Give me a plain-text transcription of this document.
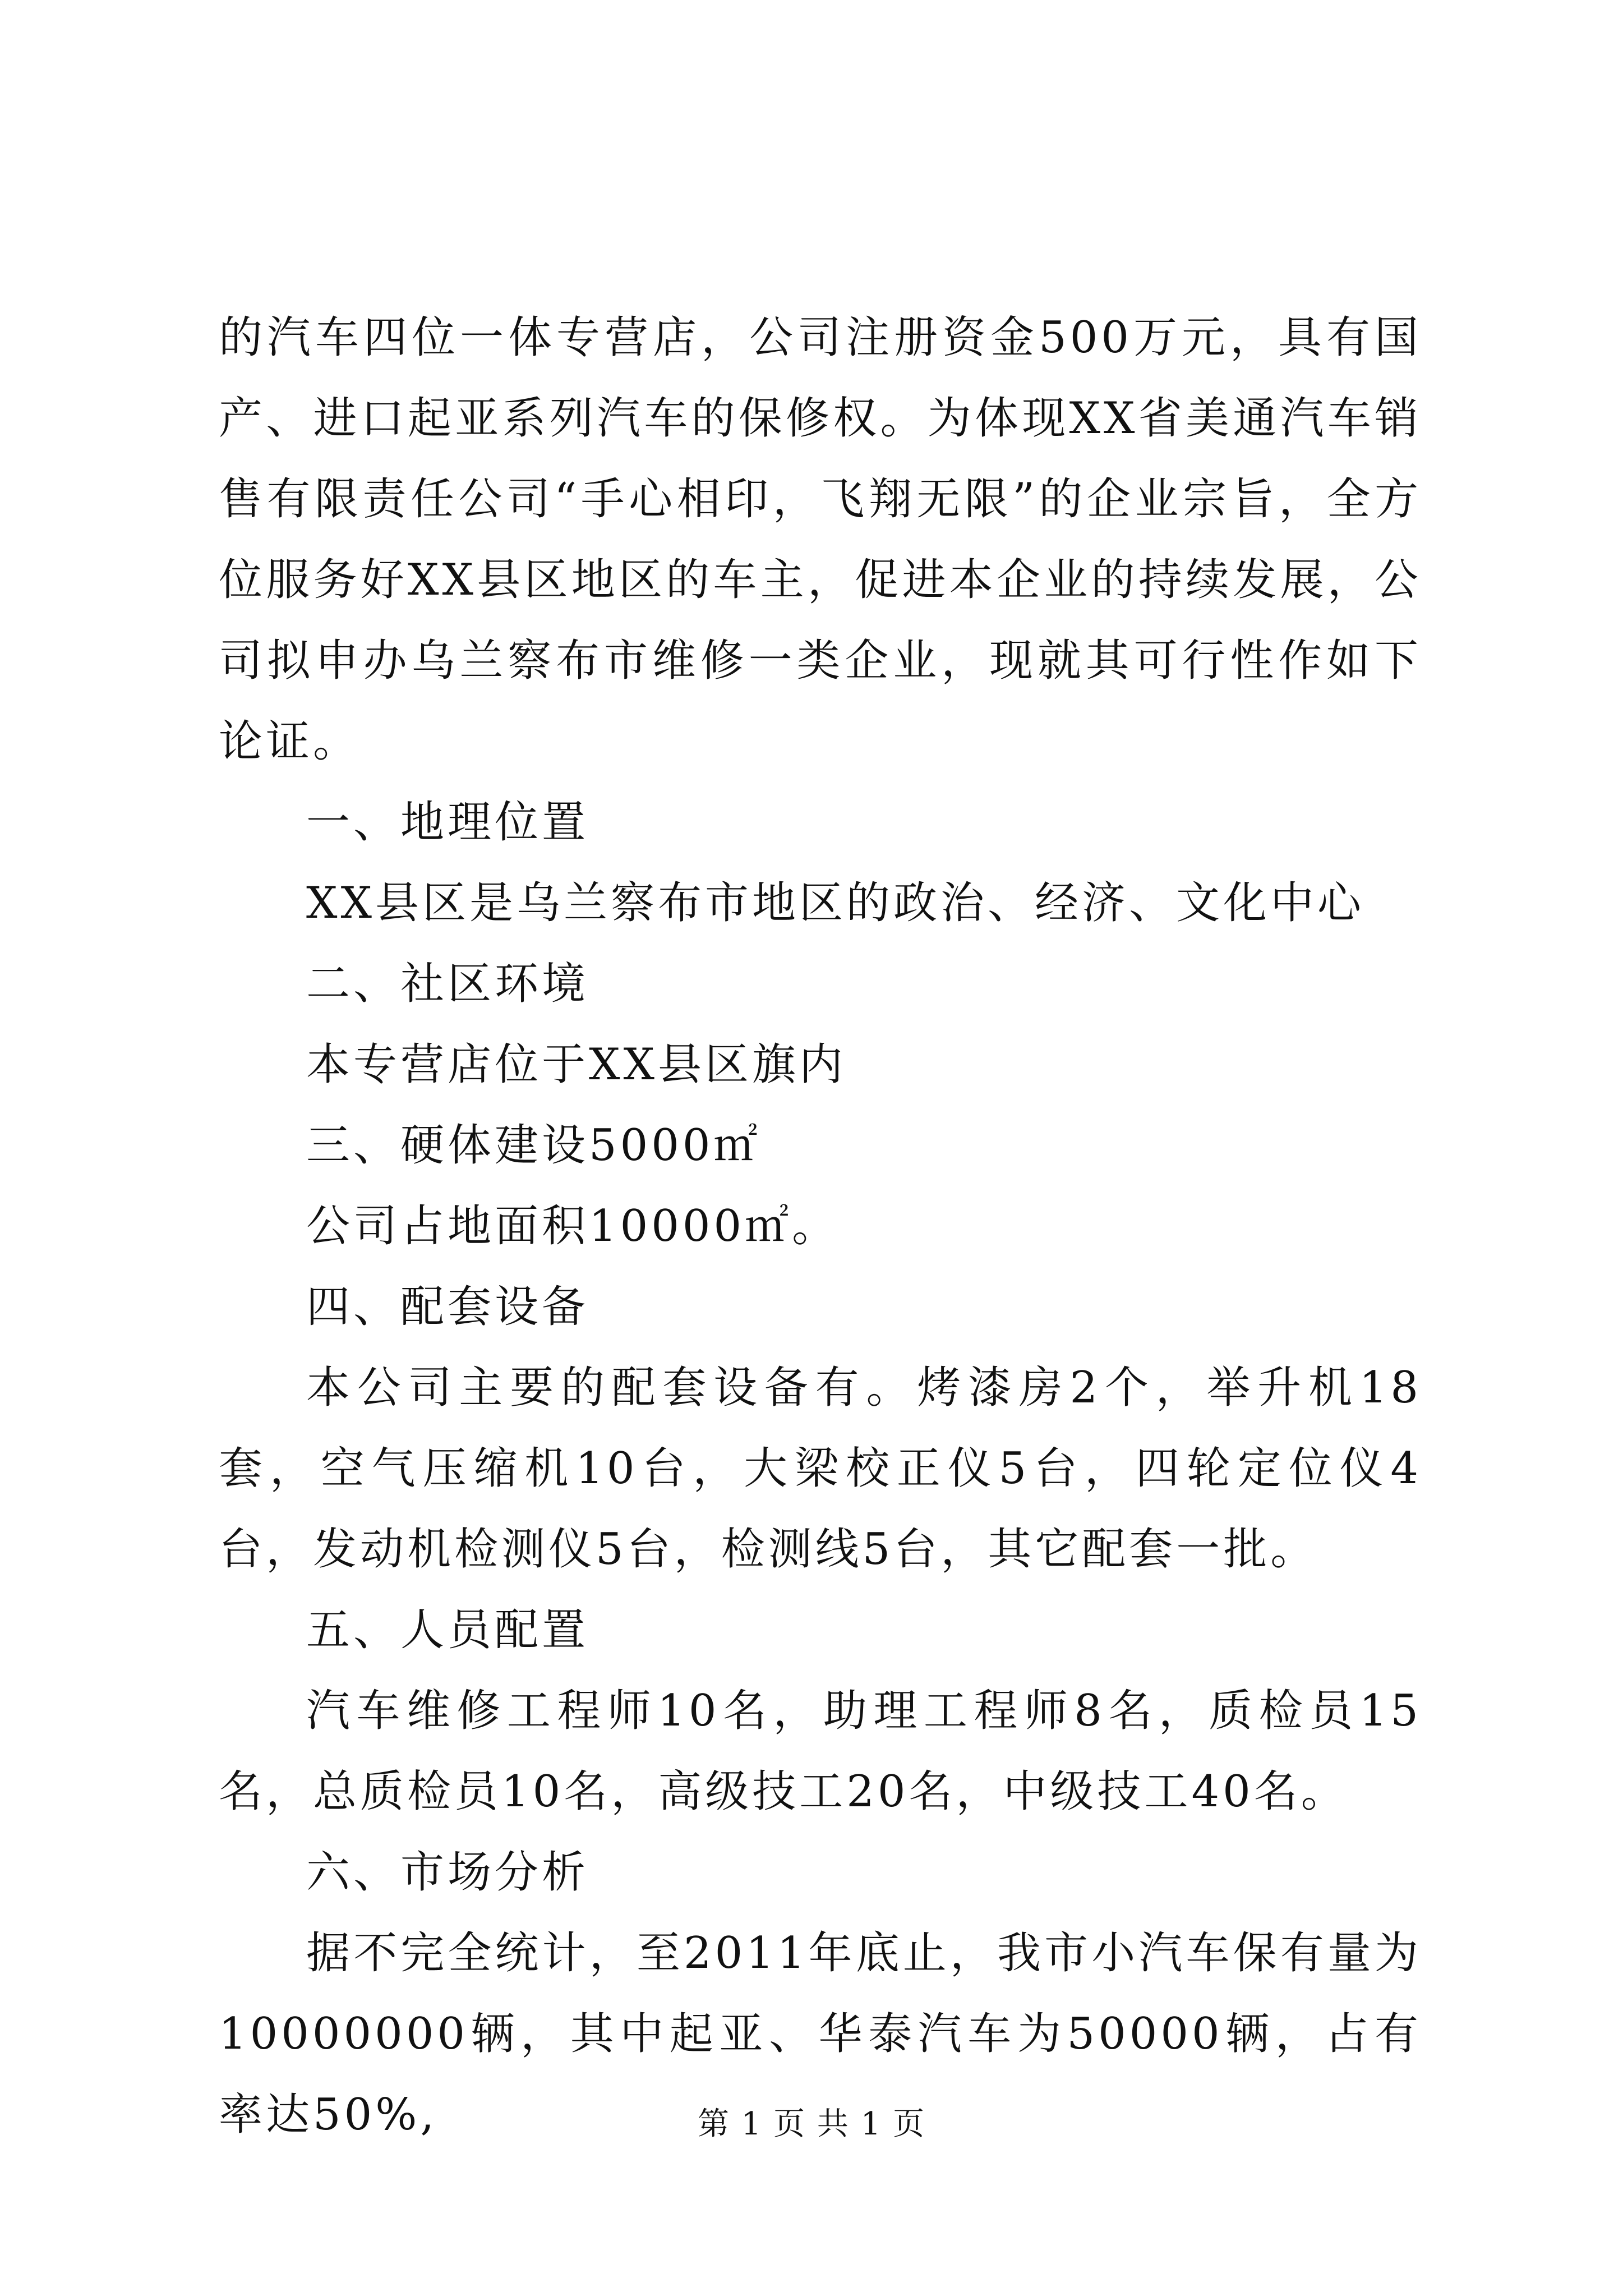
的汽车四位一体专营店，公司注册资金500万元，具有国产、进口起亚系列汽车的保修权。为体现XX省美通汽车销售有限责任公司“手心相印，飞翔无限”的企业宗旨，全方位服务好XX县区地区的车主，促进本企业的持续发展，公司拟申办乌兰察布市维修一类企业，现就其可行性作如下论证。

一、地理位置

XX县区是乌兰察布市地区的政治、经济、文化中心

二、社区环境

本专营店位于XX县区旗内

三、硬体建设5000㎡

公司占地面积10000㎡。

四、配套设备

本公司主要的配套设备有。烤漆房2个，举升机18套，空气压缩机10台，大梁校正仪5台，四轮定位仪4台，发动机检测仪5台，检测线5台，其它配套一批。

五、人员配置

汽车维修工程师10名，助理工程师8名，质检员15名，总质检员10名，高级技工20名，中级技工40名。

六、市场分析

据不完全统计，至2011年底止，我市小汽车保有量为10000000辆，其中起亚、华泰汽车为50000辆，占有率达50%,	第 1 页 共 1 页
